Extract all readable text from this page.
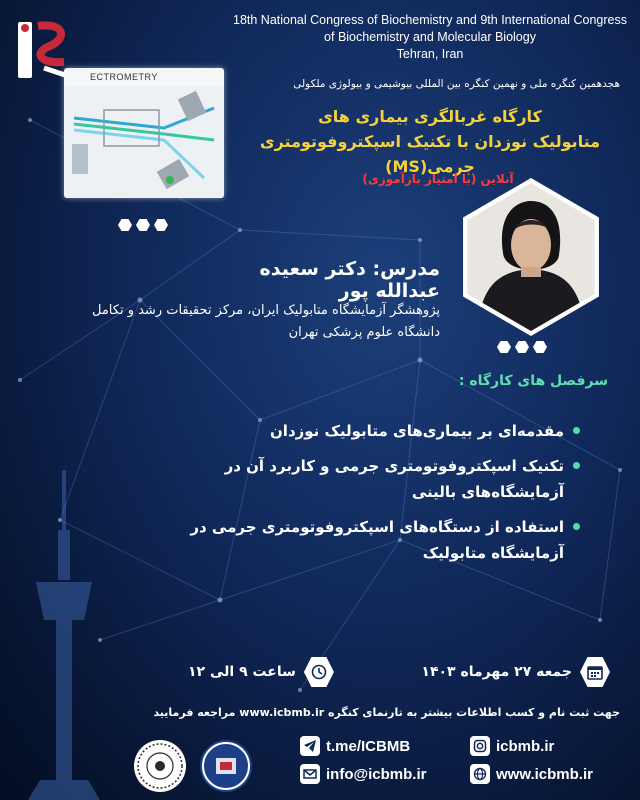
18th National Congress of Biochemistry and 9th International Congress of Biochemistry and Molecular Biology
Tehran, Iran
هجدهمین کنگره ملی و نهمین کنگره بین المللی بیوشیمی و بیولوژی ملکولی
ECTROMETRY
کارگاه غربالگری بیماری های
متابولیک نوزدان با تکنیک اسپکتروفوتومتری جرمی(MS)
آنلاین (با امتیاز بازآموزی)
مدرس: دکتر سعیده عبدالله پور
پژوهشگر آزمایشگاه متابولیک ایران، مرکز تحقیقات رشد و تکامل
دانشگاه علوم پزشکی تهران
سرفصل های کارگاه :
مقدمه‌ای بر بیماری‌های متابولیک نوزدان
تکنیک اسپکتروفوتومتری جرمی و کاربرد آن در آزمایشگاه‌های بالینی
استفاده از دستگاه‌های اسپکتروفوتومتری جرمی در آزمایشگاه متابولیک
جمعه ۲۷ مهرماه ۱۴۰۳
ساعت ۹ الی ۱۲
جهت ثبت نام و کسب اطلاعات بیشتر به تارنمای کنگره www.icbmb.ir مراجعه فرمایید
t.me/ICBMB	icbmb.ir
info@icbmb.ir	www.icbmb.ir
